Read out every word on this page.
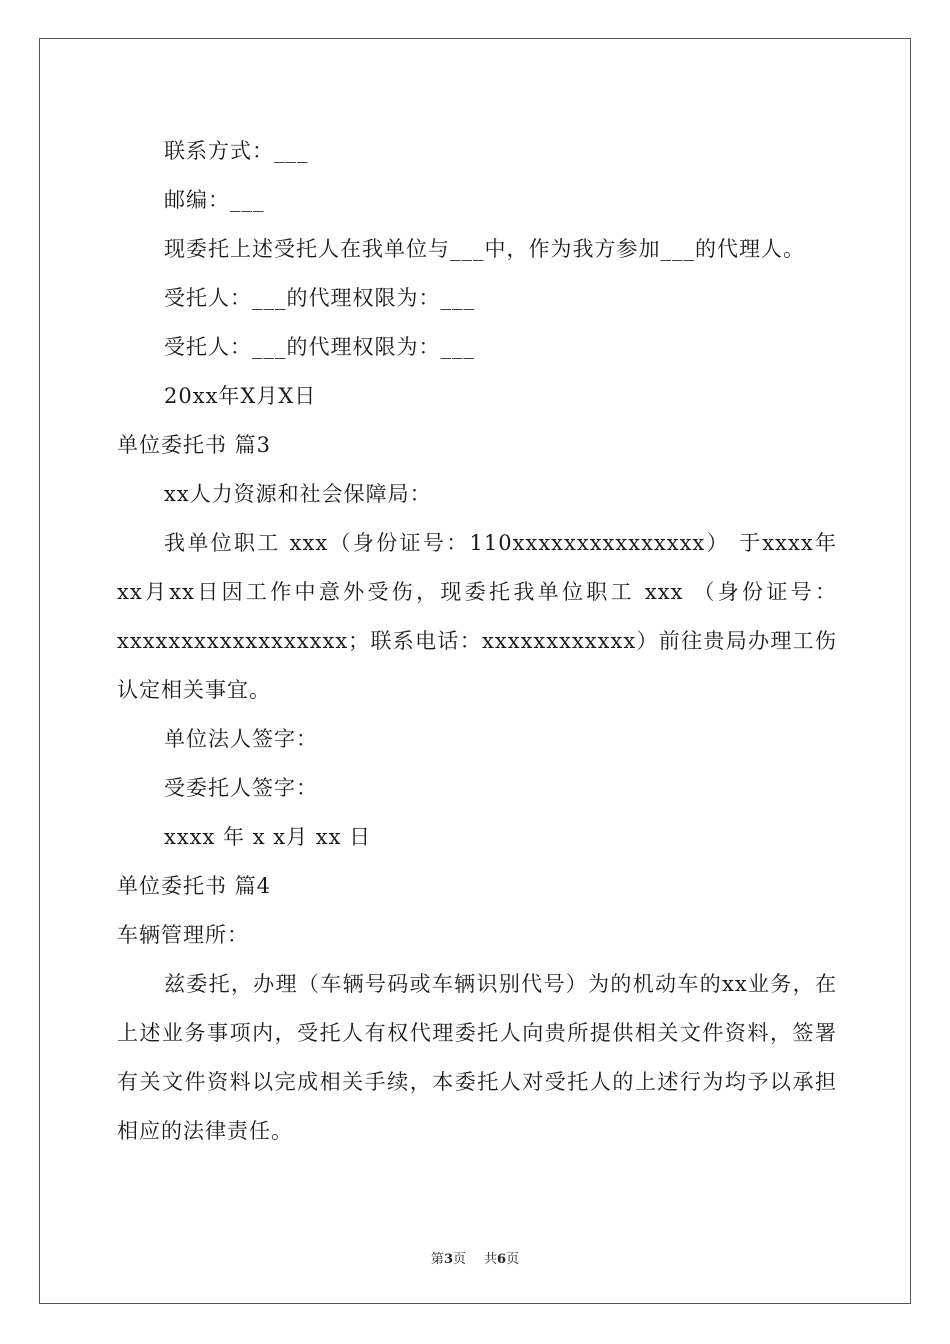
联系方式：___
邮编：___
现委托上述受托人在我单位与___中，作为我方参加___的代理人。
受托人：___的代理权限为：___
受托人：___的代理权限为：___
20xx年X月X日
单位委托书 篇3
xx人力资源和社会保障局：
我单位职工 xxx（身份证号：110xxxxxxxxxxxxxxx） 于xxxx年xx月xx日因工作中意外受伤，现委托我单位职工 xxx （身份证号：xxxxxxxxxxxxxxxxxx；联系电话：xxxxxxxxxxxx）前往贵局办理工伤认定相关事宜。
单位法人签字：
受委托人签字：
xxxx 年 x x月 xx 日
单位委托书 篇4
车辆管理所：
兹委托，办理（车辆号码或车辆识别代号）为的机动车的xx业务，在上述业务事项内，受托人有权代理委托人向贵所提供相关文件资料，签署有关文件资料以完成相关手续，本委托人对受托人的上述行为均予以承担相应的法律责任。
第3页 共6页
